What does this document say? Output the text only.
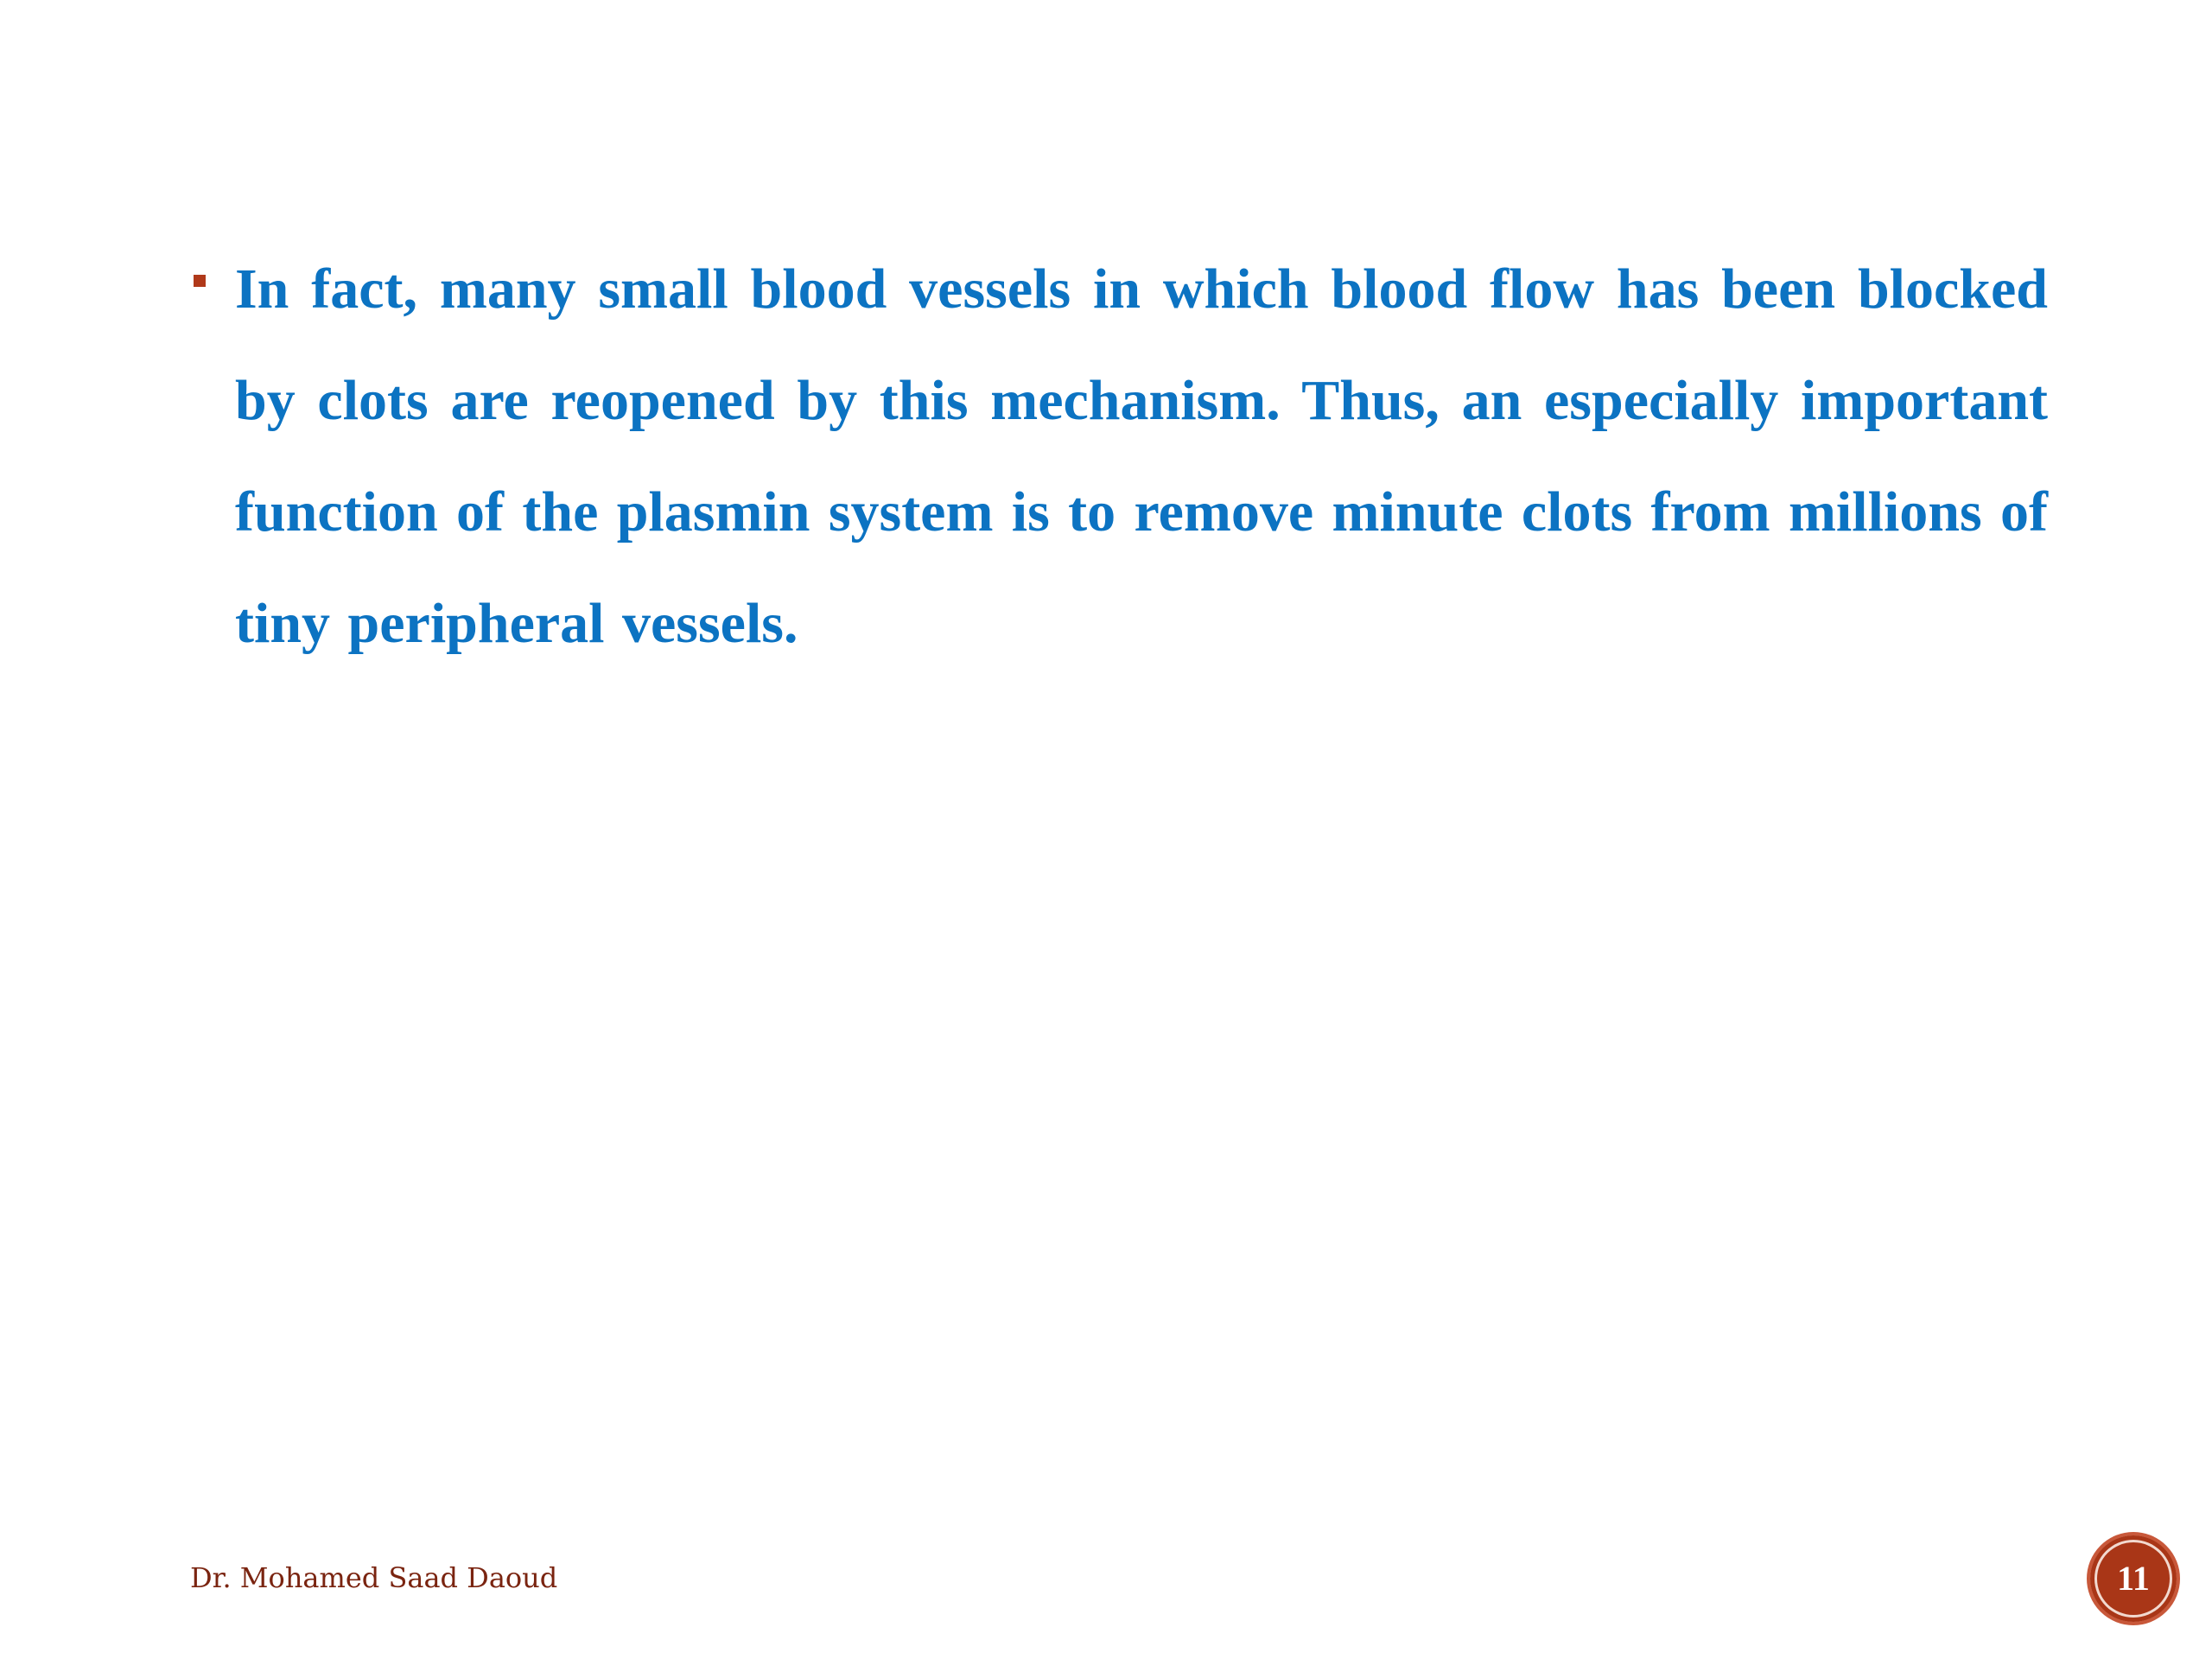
In fact, many small blood vessels in which blood flow has been blocked by clots are reopened by this mechanism. Thus, an especially important function of the plasmin system is to remove minute clots from millions of tiny peripheral vessels.
Dr. Mohamed Saad Daoud	11
